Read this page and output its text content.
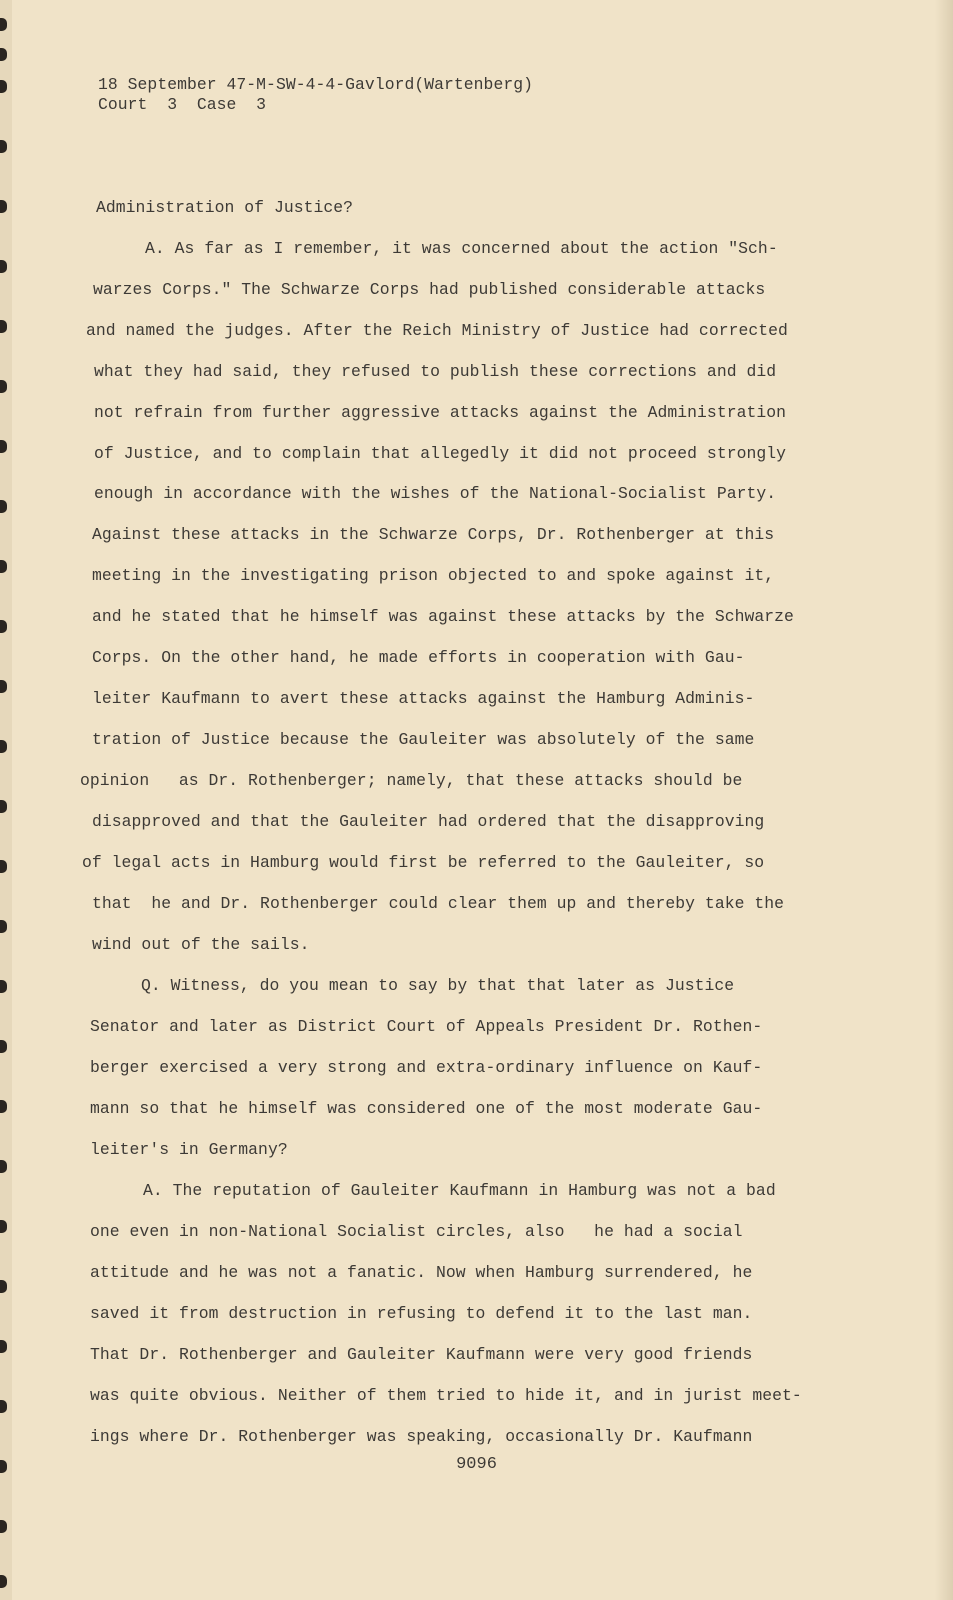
18 September 47-M-SW-4-4-Gavlord(Wartenberg)

Court  3  Case  3

Administration of Justice?

A. As far as I remember, it was concerned about the action "Sch-

warzes Corps." The Schwarze Corps had published considerable attacks

and named the judges. After the Reich Ministry of Justice had corrected

what they had said, they refused to publish these corrections and did

not refrain from further aggressive attacks against the Administration

of Justice, and to complain that allegedly it did not proceed strongly

enough in accordance with the wishes of the National-Socialist Party.

Against these attacks in the Schwarze Corps, Dr. Rothenberger at this

meeting in the investigating prison objected to and spoke against it,

and he stated that he himself was against these attacks by the Schwarze

Corps. On the other hand, he made efforts in cooperation with Gau-

leiter Kaufmann to avert these attacks against the Hamburg Adminis-

tration of Justice because the Gauleiter was absolutely of the same

opinion   as Dr. Rothenberger; namely, that these attacks should be

disapproved and that the Gauleiter had ordered that the disapproving

of legal acts in Hamburg would first be referred to the Gauleiter, so

that  he and Dr. Rothenberger could clear them up and thereby take the

wind out of the sails.

Q. Witness, do you mean to say by that that later as Justice

Senator and later as District Court of Appeals President Dr. Rothen-

berger exercised a very strong and extra-ordinary influence on Kauf-

mann so that he himself was considered one of the most moderate Gau-

leiter's in Germany?

A. The reputation of Gauleiter Kaufmann in Hamburg was not a bad

one even in non-National Socialist circles, also   he had a social

attitude and he was not a fanatic. Now when Hamburg surrendered, he

saved it from destruction in refusing to defend it to the last man.

That Dr. Rothenberger and Gauleiter Kaufmann were very good friends

was quite obvious. Neither of them tried to hide it, and in jurist meet-

ings where Dr. Rothenberger was speaking, occasionally Dr. Kaufmann

9096
